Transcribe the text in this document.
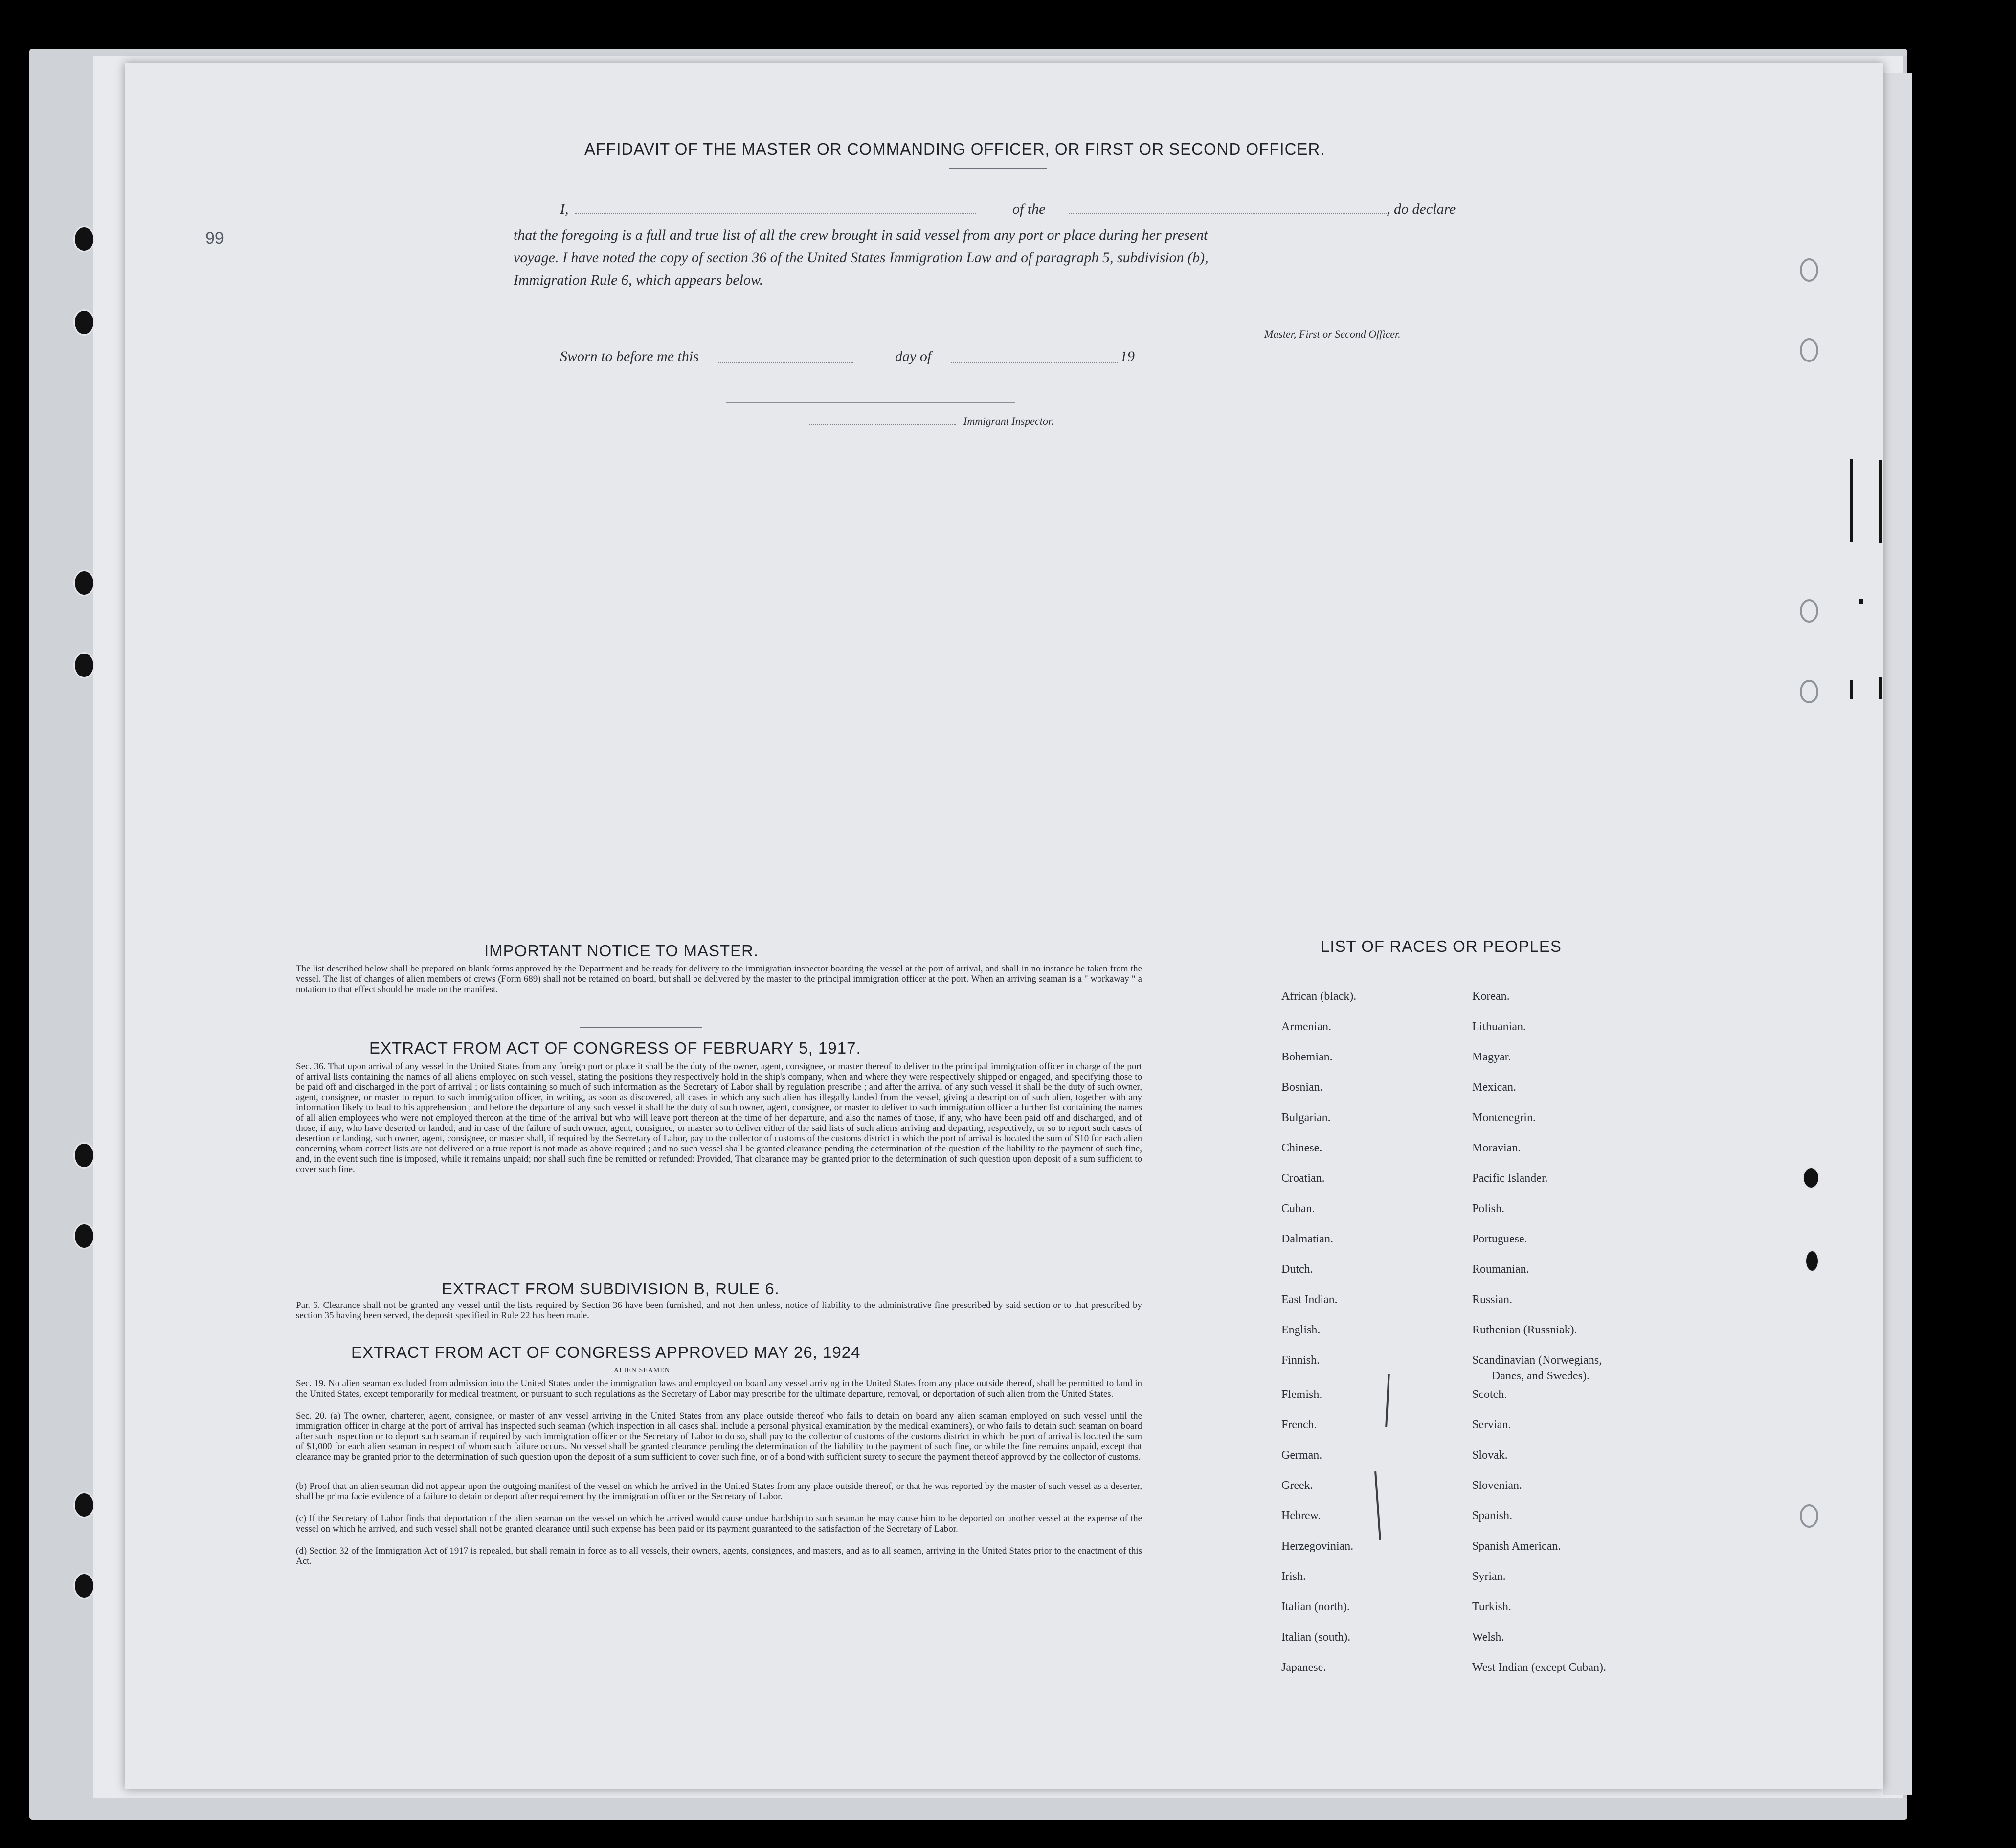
AFFIDAVIT OF THE MASTER OR COMMANDING OFFICER, OR FIRST OR SECOND OFFICER.
I,	of the	, do declare
that the foregoing is a full and true list of all the crew brought in said vessel from any port or place during her present
voyage. I have noted the copy of section 36 of the United States Immigration Law and of paragraph 5, subdivision (b),
Immigration Rule 6, which appears below.
Master, First or Second Officer.
Sworn to before me this	day of	19
Immigrant Inspector.
99
IMPORTANT NOTICE TO MASTER.
The list described below shall be prepared on blank forms approved by the Department and be ready for delivery to the immigration inspector boarding the vessel at the port of arrival, and shall in no instance be taken from the vessel. The list of changes of alien members of crews (Form 689) shall not be retained on board, but shall be delivered by the master to the principal immigration officer at the port. When an arriving seaman is a " workaway " a notation to that effect should be made on the manifest.
EXTRACT FROM ACT OF CONGRESS OF FEBRUARY 5, 1917.
Sec. 36. That upon arrival of any vessel in the United States from any foreign port or place it shall be the duty of the owner, agent, consignee, or master thereof to deliver to the principal immigration officer in charge of the port of arrival lists containing the names of all aliens employed on such vessel, stating the positions they respectively hold in the ship's company, when and where they were respectively shipped or engaged, and specifying those to be paid off and discharged in the port of arrival ; or lists containing so much of such information as the Secretary of Labor shall by regulation prescribe ; and after the arrival of any such vessel it shall be the duty of such owner, agent, consignee, or master to report to such immigration officer, in writing, as soon as discovered, all cases in which any such alien has illegally landed from the vessel, giving a description of such alien, together with any information likely to lead to his apprehension ; and before the departure of any such vessel it shall be the duty of such owner, agent, consignee, or master to deliver to such immigration officer a further list containing the names of all alien employees who were not employed thereon at the time of the arrival but who will leave port thereon at the time of her departure, and also the names of those, if any, who have been paid off and discharged, and of those, if any, who have deserted or landed; and in case of the failure of such owner, agent, consignee, or master so to deliver either of the said lists of such aliens arriving and departing, respectively, or so to report such cases of desertion or landing, such owner, agent, consignee, or master shall, if required by the Secretary of Labor, pay to the collector of customs of the customs district in which the port of arrival is located the sum of $10 for each alien concerning whom correct lists are not delivered or a true report is not made as above required ; and no such vessel shall be granted clearance pending the determination of the question of the liability to the payment of such fine, and, in the event such fine is imposed, while it remains unpaid; nor shall such fine be remitted or refunded: Provided, That clearance may be granted prior to the determination of such question upon deposit of a sum sufficient to cover such fine.
EXTRACT FROM SUBDIVISION B, RULE 6.
Par. 6. Clearance shall not be granted any vessel until the lists required by Section 36 have been furnished, and not then unless, notice of liability to the administrative fine prescribed by said section or to that prescribed by section 35 having been served, the deposit specified in Rule 22 has been made.
EXTRACT FROM ACT OF CONGRESS APPROVED MAY 26, 1924
ALIEN SEAMEN
Sec. 19. No alien seaman excluded from admission into the United States under the immigration laws and employed on board any vessel arriving in the United States from any place outside thereof, shall be permitted to land in the United States, except temporarily for medical treatment, or pursuant to such regulations as the Secretary of Labor may prescribe for the ultimate departure, removal, or deportation of such alien from the United States.
Sec. 20. (a) The owner, charterer, agent, consignee, or master of any vessel arriving in the United States from any place outside thereof who fails to detain on board any alien seaman employed on such vessel until the immigration officer in charge at the port of arrival has inspected such seaman (which inspection in all cases shall include a personal physical examination by the medical examiners), or who fails to detain such seaman on board after such inspection or to deport such seaman if required by such immigration officer or the Secretary of Labor to do so, shall pay to the collector of customs of the customs district in which the port of arrival is located the sum of $1,000 for each alien seaman in respect of whom such failure occurs. No vessel shall be granted clearance pending the determination of the liability to the payment of such fine, or while the fine remains unpaid, except that clearance may be granted prior to the determination of such question upon the deposit of a sum sufficient to cover such fine, or of a bond with sufficient surety to secure the payment thereof approved by the collector of customs.
(b) Proof that an alien seaman did not appear upon the outgoing manifest of the vessel on which he arrived in the United States from any place outside thereof, or that he was reported by the master of such vessel as a deserter, shall be prima facie evidence of a failure to detain or deport after requirement by the immigration officer or the Secretary of Labor.
(c) If the Secretary of Labor finds that deportation of the alien seaman on the vessel on which he arrived would cause undue hardship to such seaman he may cause him to be deported on another vessel at the expense of the vessel on which he arrived, and such vessel shall not be granted clearance until such expense has been paid or its payment guaranteed to the satisfaction of the Secretary of Labor.
(d) Section 32 of the Immigration Act of 1917 is repealed, but shall remain in force as to all vessels, their owners, agents, consignees, and masters, and as to all seamen, arriving in the United States prior to the enactment of this Act.
LIST OF RACES OR PEOPLES
African (black).
Armenian.
Bohemian.
Bosnian.
Bulgarian.
Chinese.
Croatian.
Cuban.
Dalmatian.
Dutch.
East Indian.
English.
Finnish.
Flemish.
French.
German.
Greek.
Hebrew.
Herzegovinian.
Irish.
Italian (north).
Italian (south).
Japanese.
Korean.
Lithuanian.
Magyar.
Mexican.
Montenegrin.
Moravian.
Pacific Islander.
Polish.
Portuguese.
Roumanian.
Russian.
Ruthenian (Russniak).
Scandinavian (Norwegians,
Danes, and Swedes).
Scotch.
Servian.
Slovak.
Slovenian.
Spanish.
Spanish American.
Syrian.
Turkish.
Welsh.
West Indian (except Cuban).
